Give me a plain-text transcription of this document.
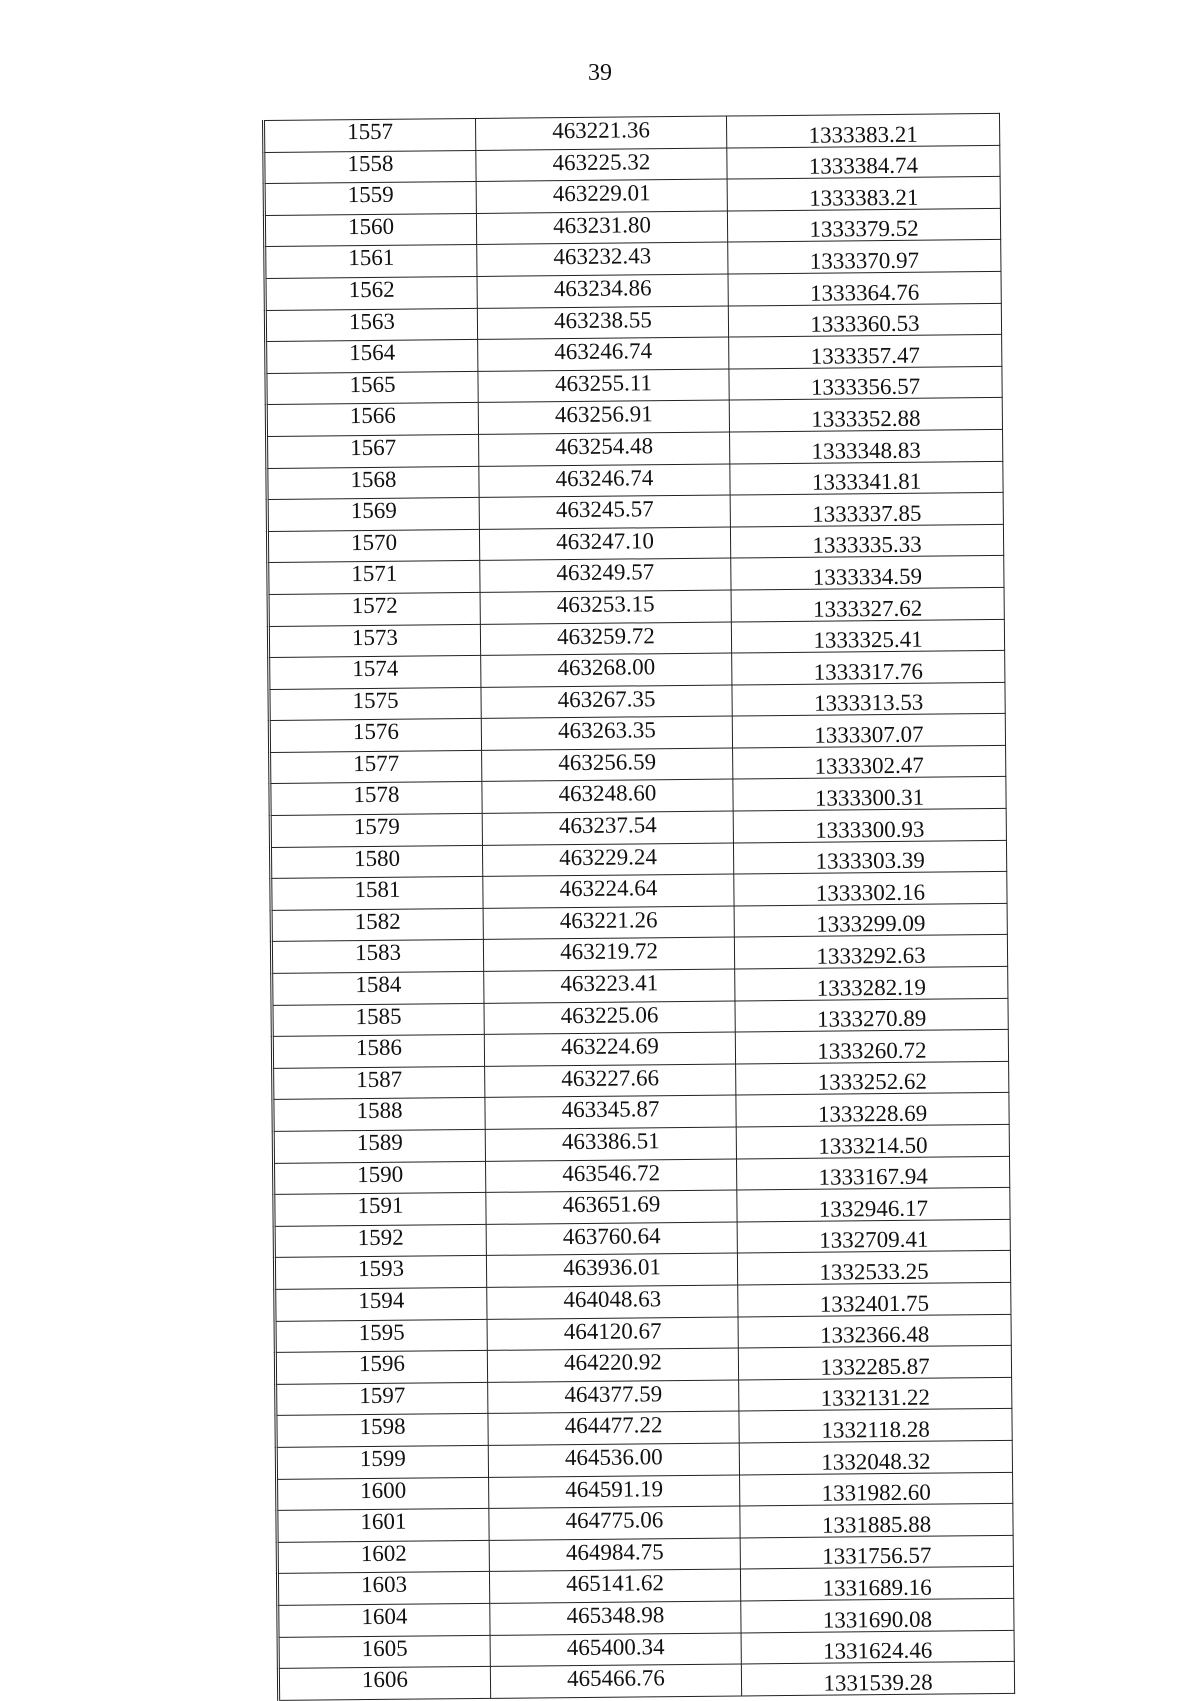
39
1557	463221.36	1333383.21
1558	463225.32	1333384.74
1559	463229.01	1333383.21
1560	463231.80	1333379.52
1561	463232.43	1333370.97
1562	463234.86	1333364.76
1563	463238.55	1333360.53
1564	463246.74	1333357.47
1565	463255.11	1333356.57
1566	463256.91	1333352.88
1567	463254.48	1333348.83
1568	463246.74	1333341.81
1569	463245.57	1333337.85
1570	463247.10	1333335.33
1571	463249.57	1333334.59
1572	463253.15	1333327.62
1573	463259.72	1333325.41
1574	463268.00	1333317.76
1575	463267.35	1333313.53
1576	463263.35	1333307.07
1577	463256.59	1333302.47
1578	463248.60	1333300.31
1579	463237.54	1333300.93
1580	463229.24	1333303.39
1581	463224.64	1333302.16
1582	463221.26	1333299.09
1583	463219.72	1333292.63
1584	463223.41	1333282.19
1585	463225.06	1333270.89
1586	463224.69	1333260.72
1587	463227.66	1333252.62
1588	463345.87	1333228.69
1589	463386.51	1333214.50
1590	463546.72	1333167.94
1591	463651.69	1332946.17
1592	463760.64	1332709.41
1593	463936.01	1332533.25
1594	464048.63	1332401.75
1595	464120.67	1332366.48
1596	464220.92	1332285.87
1597	464377.59	1332131.22
1598	464477.22	1332118.28
1599	464536.00	1332048.32
1600	464591.19	1331982.60
1601	464775.06	1331885.88
1602	464984.75	1331756.57
1603	465141.62	1331689.16
1604	465348.98	1331690.08
1605	465400.34	1331624.46
1606	465466.76	1331539.28
